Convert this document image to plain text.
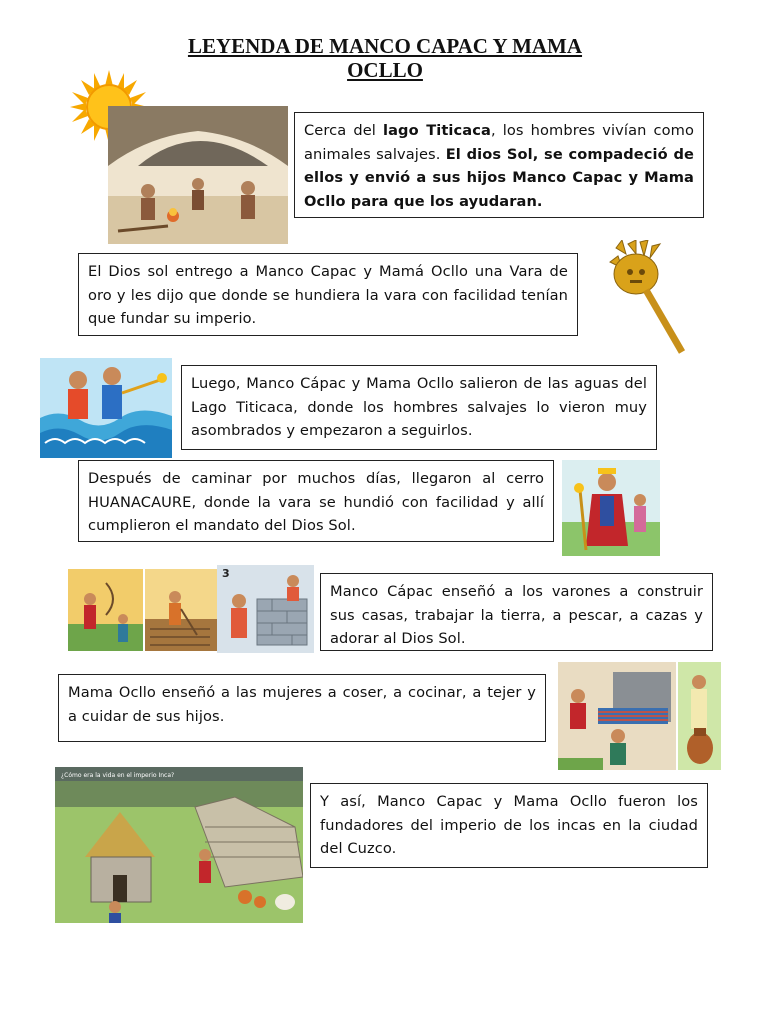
LEYENDA DE MANCO CAPAC Y MAMA
OCLLO
Cerca del lago Titicaca, los hombres vivían como animales salvajes. El dios Sol, se compadeció de ellos y envió a sus hijos Manco Capac y Mama Ocllo para que los ayudaran.
El Dios sol entrego a Manco Capac y Mamá Ocllo una Vara de oro y les dijo que donde se hundiera la vara con facilidad tenían que fundar su imperio.
Luego, Manco Cápac y Mama Ocllo salieron de las aguas del Lago Titicaca, donde los hombres salvajes lo vieron muy asombrados y empezaron a seguirlos.
Después de caminar por muchos días, llegaron al cerro HUANACAURE, donde la vara se hundió con facilidad y allí cumplieron el mandato del Dios Sol.
3
Manco Cápac enseñó a los varones a construir sus casas, trabajar la tierra, a pescar, a cazas y adorar al Dios Sol.
Mama Ocllo enseñó a las mujeres a coser, a cocinar, a tejer y a cuidar de sus hijos.
¿Cómo era la vida en el imperio Inca?
Y así, Manco Capac y Mama Ocllo fueron los fundadores del imperio de los incas en la ciudad del Cuzco.
